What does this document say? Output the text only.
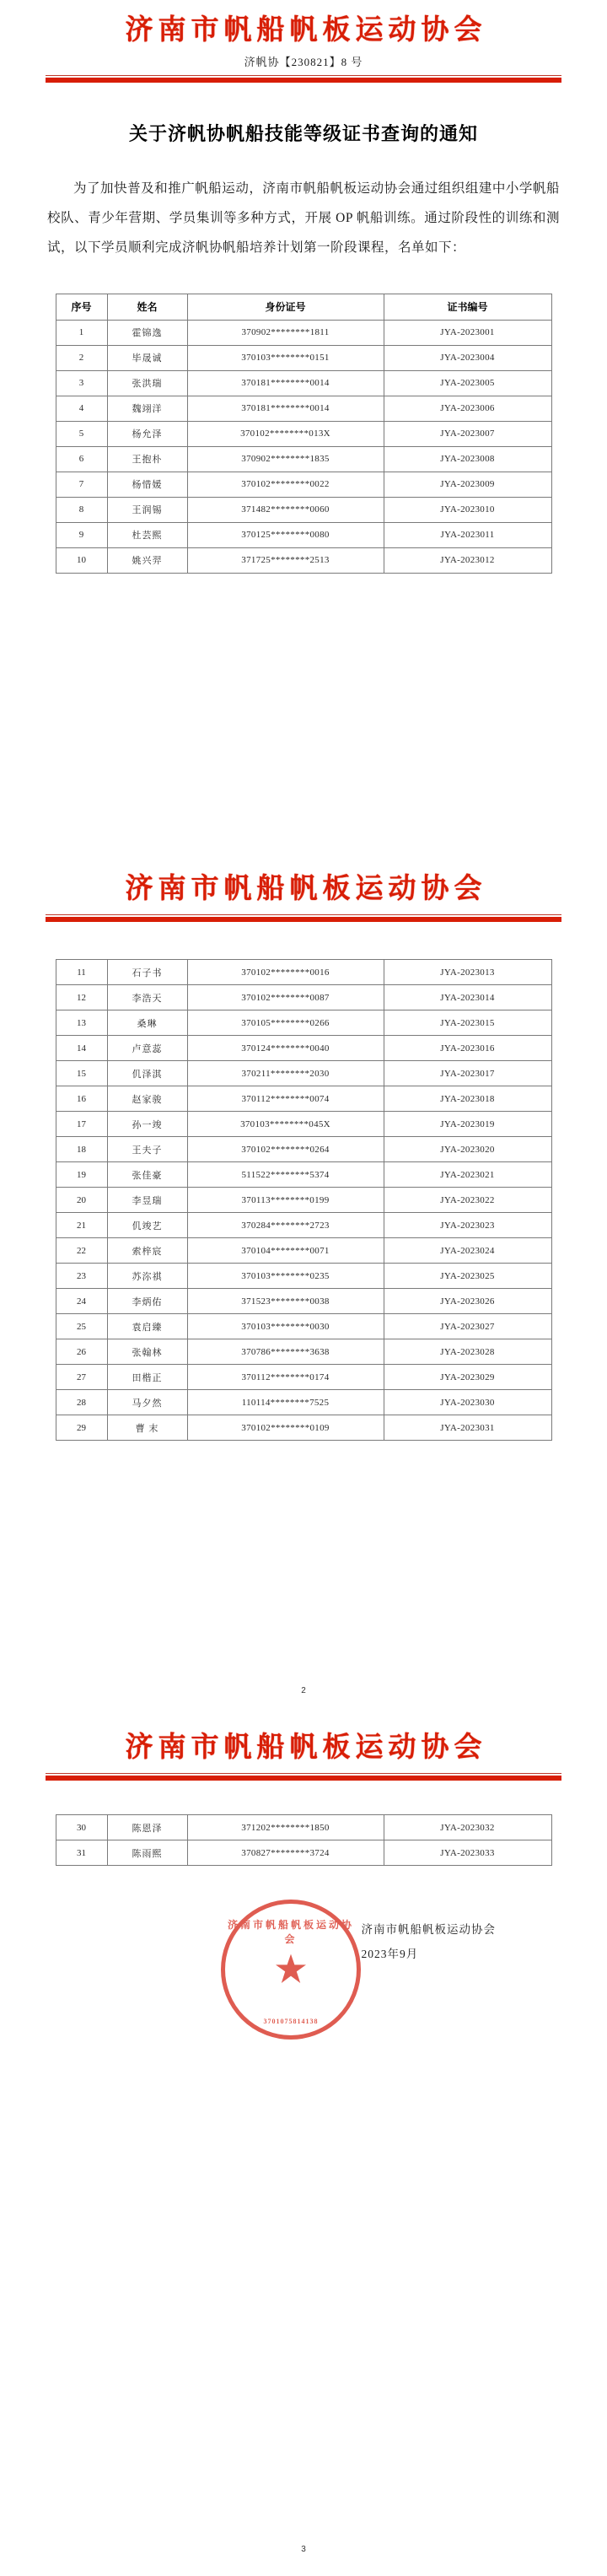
济南市帆船帆板运动协会
济帆协【230821】8 号
关于济帆协帆船技能等级证书查询的通知
为了加快普及和推广帆船运动，济南市帆船帆板运动协会通过组织组建中小学帆船校队、青少年营期、学员集训等多种方式，开展 OP 帆船训练。通过阶段性的训练和测试，以下学员顺利完成济帆协帆船培养计划第一阶段课程，名单如下：
序号	姓名	身份证号	证书编号
1	霍锦逸	370902********1811	JYA-2023001
2	毕晟诚	370103********0151	JYA-2023004
3	张洪瑞	370181********0014	JYA-2023005
4	魏翊洋	370181********0014	JYA-2023006
5	杨允泽	370102********013X	JYA-2023007
6	王抱朴	370902********1835	JYA-2023008
7	杨惜媛	370102********0022	JYA-2023009
8	王润锡	371482********0060	JYA-2023010
9	杜芸熙	370125********0080	JYA-2023011
10	姚兴羿	371725********2513	JYA-2023012
济南市帆船帆板运动协会
11	石子书	370102********0016	JYA-2023013
12	李浩天	370102********0087	JYA-2023014
13	桑琳	370105********0266	JYA-2023015
14	卢意蕊	370124********0040	JYA-2023016
15	仉泽淇	370211********2030	JYA-2023017
16	赵家骏	370112********0074	JYA-2023018
17	孙一竣	370103********045X	JYA-2023019
18	王夫子	370102********0264	JYA-2023020
19	张佳豪	511522********5374	JYA-2023021
20	李昱瑞	370113********0199	JYA-2023022
21	仉竣艺	370284********2723	JYA-2023023
22	索梓宸	370104********0071	JYA-2023024
23	苏沵祺	370103********0235	JYA-2023025
24	李炳佑	371523********0038	JYA-2023026
25	袁启臻	370103********0030	JYA-2023027
26	张翰林	370786********3638	JYA-2023028
27	田楷正	370112********0174	JYA-2023029
28	马夕然	110114********7525	JYA-2023030
29	曹 末	370102********0109	JYA-2023031
2
济南市帆船帆板运动协会
30	陈恩泽	371202********1850	JYA-2023032
31	陈雨熙	370827********3724	JYA-2023033
济南市帆船帆板运动协会
2023年9月
济南市帆船帆板运动协会
3701075814138
3
